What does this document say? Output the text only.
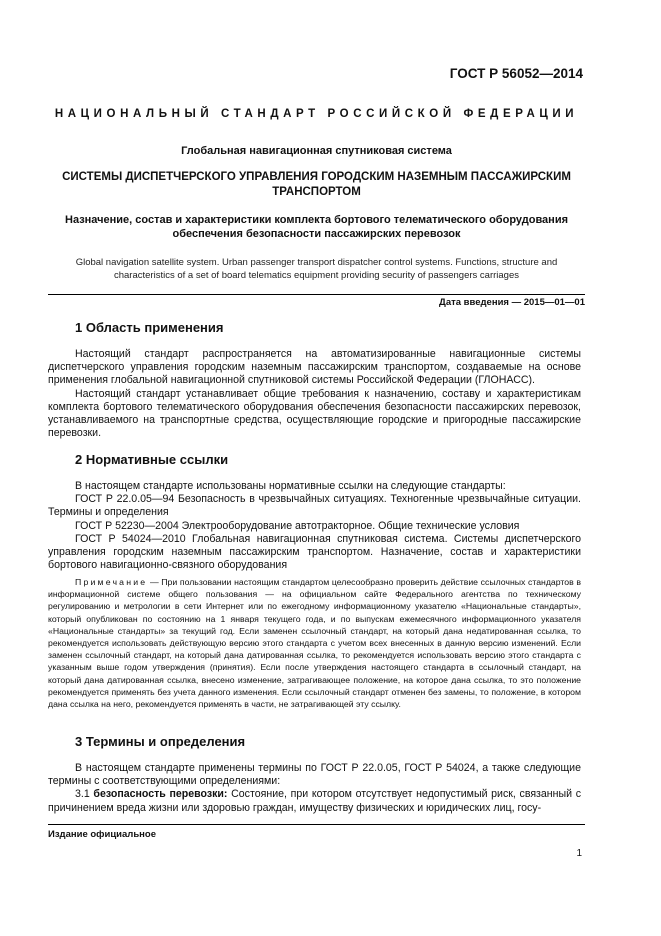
ГОСТ Р 56052—2014
НАЦИОНАЛЬНЫЙ СТАНДАРТ РОССИЙСКОЙ ФЕДЕРАЦИИ
Глобальная навигационная спутниковая система
СИСТЕМЫ ДИСПЕТЧЕРСКОГО УПРАВЛЕНИЯ ГОРОДСКИМ НАЗЕМНЫМ ПАССАЖИРСКИМ ТРАНСПОРТОМ
Назначение, состав и характеристики комплекта бортового телематического оборудования обеспечения безопасности пассажирских перевозок
Global navigation satellite system. Urban passenger transport dispatcher control systems. Functions, structure and characteristics of a set of board telematics equipment providing security of passengers carriages
Дата введения — 2015—01—01
1 Область применения

Настоящий стандарт распространяется на автоматизированные навигационные системы диспетчерского управления городским наземным пассажирским транспортом, создаваемые на основе применения глобальной навигационной спутниковой системы Российской Федерации (ГЛОНАСС).

Настоящий стандарт устанавливает общие требования к назначению, составу и характеристикам комплекта бортового телематического оборудования обеспечения безопасности пассажирских перевозок, устанавливаемого на транспортные средства, осуществляющие городские и пригородные пассажирские перевозки.

2 Нормативные ссылки

В настоящем стандарте использованы нормативные ссылки на следующие стандарты:

ГОСТ Р 22.0.05—94 Безопасность в чрезвычайных ситуациях. Техногенные чрезвычайные ситуации. Термины и определения

ГОСТ Р 52230—2004 Электрооборудование автотракторное. Общие технические условия

ГОСТ Р 54024—2010 Глобальная навигационная спутниковая система. Системы диспетчерского управления городским наземным пассажирским транспортом. Назначение, состав и характеристики бортового навигационно-связного оборудования

Примечание — При пользовании настоящим стандартом целесообразно проверить действие ссылочных стандартов в информационной системе общего пользования — на официальном сайте Федерального агентства по техническому регулированию и метрологии в сети Интернет или по ежегодному информационному указателю «Национальные стандарты», который опубликован по состоянию на 1 января текущего года, и по выпускам ежемесячного информационного указателя «Национальные стандарты» за текущий год. Если заменен ссылочный стандарт, на который дана недатированная ссылка, то рекомендуется использовать действующую версию этого стандарта с учетом всех внесенных в данную версию изменений. Если заменен ссылочный стандарт, на который дана датированная ссылка, то рекомендуется использовать версию этого стандарта с указанным выше годом утверждения (принятия). Если после утверждения настоящего стандарта в ссылочный стандарт, на который дана датированная ссылка, внесено изменение, затрагивающее положение, на которое дана ссылка, то это положение рекомендуется применять без учета данного изменения. Если ссылочный стандарт отменен без замены, то положение, в котором дана ссылка на него, рекомендуется применять в части, не затрагивающей эту ссылку.

3 Термины и определения

В настоящем стандарте применены термины по ГОСТ Р 22.0.05, ГОСТ Р 54024, а также следующие термины с соответствующими определениями:

3.1 безопасность перевозки: Состояние, при котором отсутствует недопустимый риск, связанный с причинением вреда жизни или здоровью граждан, имуществу физических и юридических лиц, госу-

Издание официальное
1
